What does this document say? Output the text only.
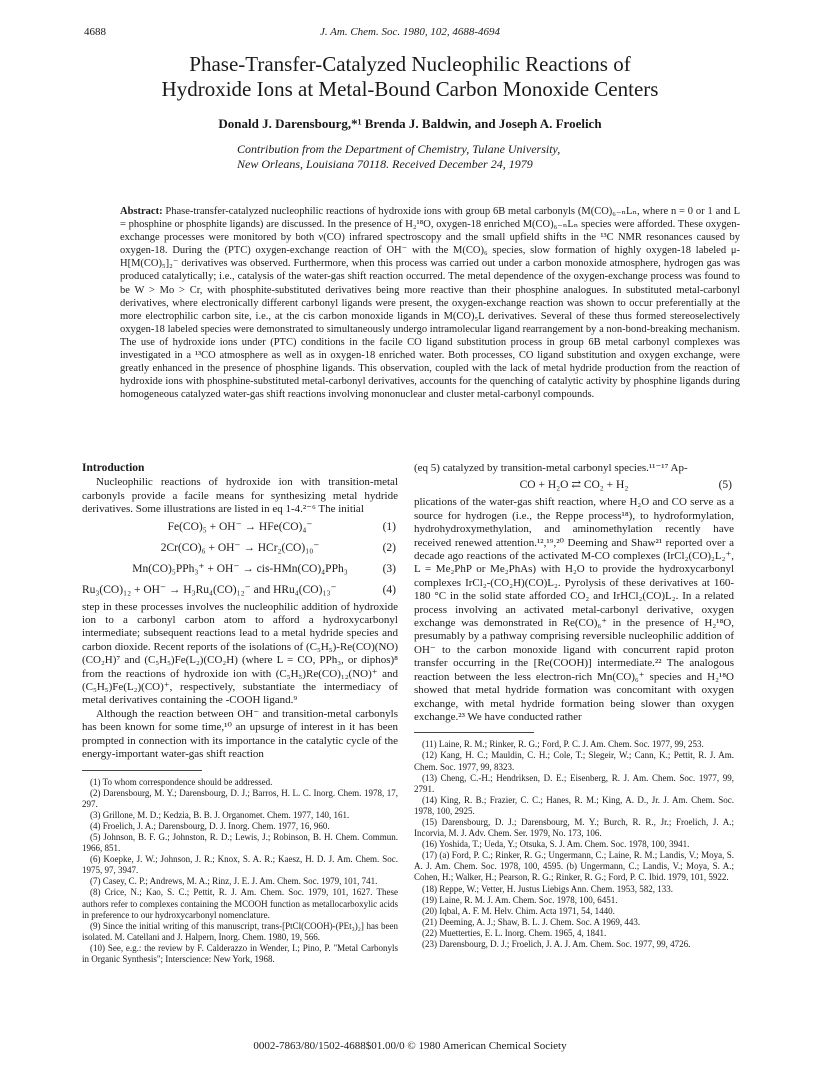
4688	J. Am. Chem. Soc. 1980, 102, 4688-4694
Phase-Transfer-Catalyzed Nucleophilic Reactions of
Hydroxide Ions at Metal-Bound Carbon Monoxide Centers
Donald J. Darensbourg,*¹ Brenda J. Baldwin, and Joseph A. Froelich
Contribution from the Department of Chemistry, Tulane University,
New Orleans, Louisiana 70118. Received December 24, 1979
Abstract: Phase-transfer-catalyzed nucleophilic reactions of hydroxide ions with group 6B metal carbonyls (M(CO)₆₋ₙLₙ, where n = 0 or 1 and L = phosphine or phosphite ligands) are discussed. In the presence of H₂¹⁸O, oxygen-18 enriched M(CO)₆₋ₙLₙ species were afforded. These oxygen-exchange processes were monitored by both ν(CO) infrared spectroscopy and the small upfield shifts in the ¹³C NMR resonances caused by oxygen-18. During the (PTC) oxygen-exchange reaction of OH⁻ with the M(CO)₆ species, slow formation of highly oxygen-18 labeled μ-H[M(CO)₅]₂⁻ derivatives was observed. Furthermore, when this process was carried out under a carbon monoxide atmosphere, hydrogen gas was produced catalytically; i.e., catalysis of the water-gas shift reaction occurred. The metal dependence of the oxygen-exchange process was found to be W > Mo > Cr, with phosphite-substituted derivatives being more reactive than their phosphine analogues. In substituted metal-carbonyl derivatives, where electronically different carbonyl ligands were present, the oxygen-exchange reaction was shown to occur preferentially at the more electrophilic carbon site, i.e., at the cis carbon monoxide ligands in M(CO)₅L derivatives. Several of these thus formed stereoselectively oxygen-18 labeled species were demonstrated to simultaneously undergo intramolecular ligand rearrangement by a non-bond-breaking mechanism. The use of hydroxide ions under (PTC) conditions in the facile CO ligand substitution process in group 6B metal carbonyl complexes was investigated in a ¹³CO atmosphere as well as in oxygen-18 enriched water. Both processes, CO ligand substitution and oxygen exchange, were greatly enhanced in the presence of phosphine ligands. This observation, coupled with the lack of metal hydride production from the reaction of hydroxide ions with phosphine-substituted metal-carbonyl derivatives, accounts for the quenching of catalytic activity by phosphine ligands during homogeneous catalyzed water-gas shift reactions involving mononuclear and cluster metal-carbonyl compounds.
Introduction

Nucleophilic reactions of hydroxide ion with transition-metal carbonyls provide a facile means for synthesizing metal hydride derivatives. Some illustrations are listed in eq 1-4.²⁻⁶ The initial

Fe(CO)₅ + OH⁻ → HFe(CO)₄⁻	(1)
2Cr(CO)₆ + OH⁻ → HCr₂(CO)₁₀⁻	(2)
Mn(CO)₅PPh₃⁺ + OH⁻ → cis-HMn(CO)₄PPh₃	(3)
Ru₃(CO)₁₂ + OH⁻ → H₃Ru₄(CO)₁₂⁻ and HRu₄(CO)₁₃⁻	(4)

step in these processes involves the nucleophilic addition of hydroxide ion to a carbonyl carbon atom to afford a hydroxycarbonyl intermediate; subsequent reactions lead to a metal hydride species and carbon dioxide. Recent reports of the isolations of (C₅H₅)-Re(CO)(NO)(CO₂H)⁷ and (C₅H₅)Fe(L₂)(CO₂H) (where L = CO, PPh₃, or diphos)⁸ from the reactions of hydroxide ion with (C₅H₅)Re(CO)₁₂(NO)⁺ and (C₅H₅)Fe(L₂)(CO)⁺, respectively, substantiate the intermediacy of metal derivatives containing the -COOH ligand.⁹

Although the reaction between OH⁻ and transition-metal carbonyls has been known for some time,¹⁰ an upsurge of interest in it has been prompted in connection with its importance in the catalytic cycle of the energy-important water-gas shift reaction

(1) To whom correspondence should be addressed.
(2) Darensbourg, M. Y.; Darensbourg, D. J.; Barros, H. L. C. Inorg. Chem. 1978, 17, 297.
(3) Grillone, M. D.; Kedzia, B. B. J. Organomet. Chem. 1977, 140, 161.
(4) Froelich, J. A.; Darensbourg, D. J. Inorg. Chem. 1977, 16, 960.
(5) Johnson, B. F. G.; Johnston, R. D.; Lewis, J.; Robinson, B. H. Chem. Commun. 1966, 851.
(6) Koepke, J. W.; Johnson, J. R.; Knox, S. A. R.; Kaesz, H. D. J. Am. Chem. Soc. 1975, 97, 3947.
(7) Casey, C. P.; Andrews, M. A.; Rinz, J. E. J. Am. Chem. Soc. 1979, 101, 741.
(8) Crice, N.; Kao, S. C.; Pettit, R. J. Am. Chem. Soc. 1979, 101, 1627. These authors refer to complexes containing the MCOOH function as metallocarboxylic acids in preference to our hydroxycarbonyl nomenclature.
(9) Since the initial writing of this manuscript, trans-[PtCl(COOH)-(PEt₃)₂] has been isolated. M. Catellani and J. Halpern, Inorg. Chem. 1980, 19, 566.
(10) See, e.g.: the review by F. Calderazzo in Wender, I.; Pino, P. "Metal Carbonyls in Organic Synthesis"; Interscience: New York, 1968.

(eq 5) catalyzed by transition-metal carbonyl species.¹¹⁻¹⁷ Ap-

CO + H₂O ⇄ CO₂ + H₂	(5)

plications of the water-gas shift reaction, where H₂O and CO serve as a source for hydrogen (i.e., the Reppe process¹⁸), to hydroformylation, hydrohydroxymethylation, and aminomethylation recently have received renewed attention.¹²,¹⁹,²⁰ Deeming and Shaw²¹ reported over a decade ago reactions of the activated M-CO complexes (IrCl₂(CO)₂L₂⁺, L = Me₂PhP or Me₂PhAs) with H₂O to provide the hydroxycarbonyl complexes IrCl₂-(CO₂H)(CO)L₂. Pyrolysis of these derivatives at 160-180 °C in the solid state afforded CO₂ and IrHCl₂(CO)L₂. In a related process involving an activated metal-carbonyl derivative, oxygen exchange was demonstrated in Re(CO)₆⁺ in the presence of H₂¹⁸O, presumably by a pathway comprising reversible nucleophilic addition of OH⁻ to the carbon monoxide ligand with concurrent rapid proton transfer occurring in the [Re(COOH)] intermediate.²² The analogous reaction between the less electron-rich Mn(CO)₆⁺ species and H₂¹⁸O showed that metal hydride formation was concomitant with oxygen exchange, with metal hydride formation being slower than oxygen exchange.²³ We have conducted rather

(11) Laine, R. M.; Rinker, R. G.; Ford, P. C. J. Am. Chem. Soc. 1977, 99, 253.
(12) Kang, H. C.; Mauldin, C. H.; Cole, T.; Slegeir, W.; Cann, K.; Pettit, R. J. Am. Chem. Soc. 1977, 99, 8323.
(13) Cheng, C.-H.; Hendriksen, D. E.; Eisenberg, R. J. Am. Chem. Soc. 1977, 99, 2791.
(14) King, R. B.; Frazier, C. C.; Hanes, R. M.; King, A. D., Jr. J. Am. Chem. Soc. 1978, 100, 2925.
(15) Darensbourg, D. J.; Darensbourg, M. Y.; Burch, R. R., Jr.; Froelich, J. A.; Incorvia, M. J. Adv. Chem. Ser. 1979, No. 173, 106.
(16) Yoshida, T.; Ueda, Y.; Otsuka, S. J. Am. Chem. Soc. 1978, 100, 3941.
(17) (a) Ford, P. C.; Rinker, R. G.; Ungermann, C.; Laine, R. M.; Landis, V.; Moya, S. A. J. Am. Chem. Soc. 1978, 100, 4595. (b) Ungermann, C.; Landis, V.; Moya, S. A.; Cohen, H.; Walker, H.; Pearson, R. G.; Rinker, R. G.; Ford, P. C. Ibid. 1979, 101, 5922.
(18) Reppe, W.; Vetter, H. Justus Liebigs Ann. Chem. 1953, 582, 133.
(19) Laine, R. M. J. Am. Chem. Soc. 1978, 100, 6451.
(20) Iqbal, A. F. M. Helv. Chim. Acta 1971, 54, 1440.
(21) Deeming, A. J.; Shaw, B. L. J. Chem. Soc. A 1969, 443.
(22) Muetterties, E. L. Inorg. Chem. 1965, 4, 1841.
(23) Darensbourg, D. J.; Froelich, J. A. J. Am. Chem. Soc. 1977, 99, 4726.
0002-7863/80/1502-4688$01.00/0 © 1980 American Chemical Society
